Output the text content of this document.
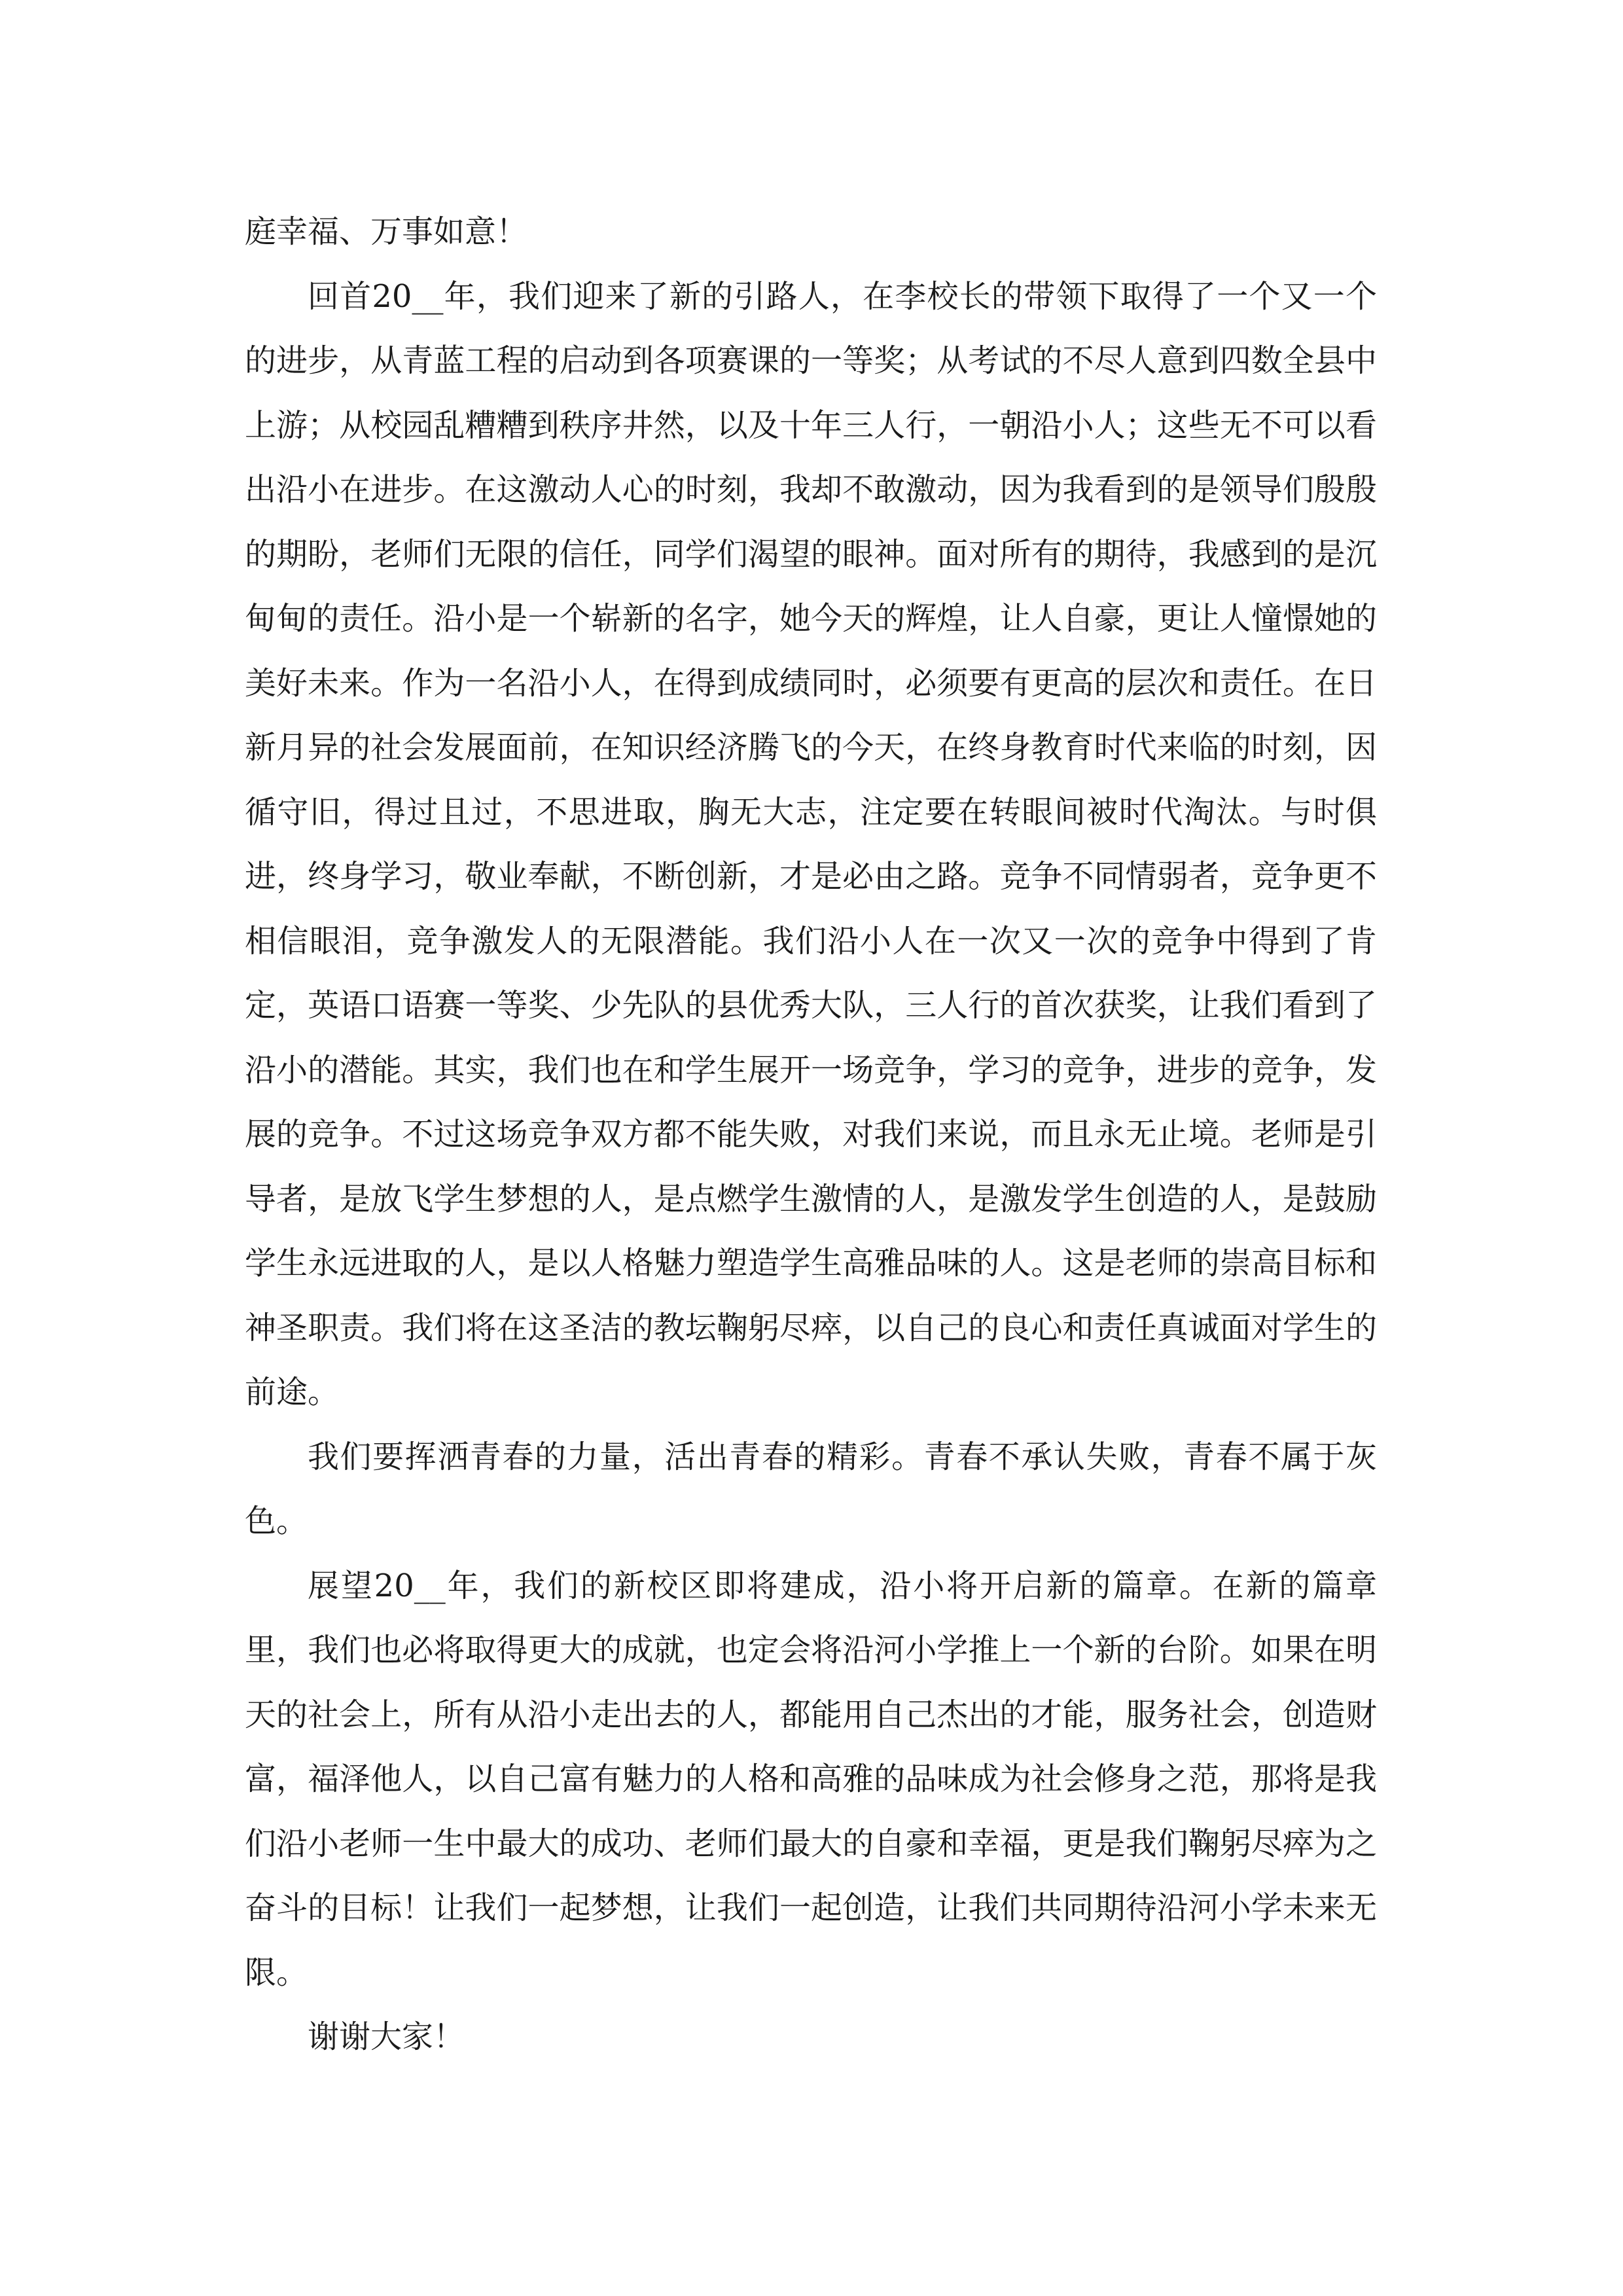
庭幸福、万事如意！

回首20__年，我们迎来了新的引路人，在李校长的带领下取得了一个又一个的进步，从青蓝工程的启动到各项赛课的一等奖；从考试的不尽人意到四数全县中上游；从校园乱糟糟到秩序井然，以及十年三人行，一朝沿小人；这些无不可以看出沿小在进步。在这激动人心的时刻，我却不敢激动，因为我看到的是领导们殷殷的期盼，老师们无限的信任，同学们渴望的眼神。面对所有的期待，我感到的是沉甸甸的责任。沿小是一个崭新的名字，她今天的辉煌，让人自豪，更让人憧憬她的美好未来。作为一名沿小人，在得到成绩同时，必须要有更高的层次和责任。在日新月异的社会发展面前，在知识经济腾飞的今天，在终身教育时代来临的时刻，因循守旧，得过且过，不思进取，胸无大志，注定要在转眼间被时代淘汰。与时俱进，终身学习，敬业奉献，不断创新，才是必由之路。竞争不同情弱者，竞争更不相信眼泪，竞争激发人的无限潜能。我们沿小人在一次又一次的竞争中得到了肯定，英语口语赛一等奖、少先队的县优秀大队，三人行的首次获奖，让我们看到了沿小的潜能。其实，我们也在和学生展开一场竞争，学习的竞争，进步的竞争，发展的竞争。不过这场竞争双方都不能失败，对我们来说，而且永无止境。老师是引导者，是放飞学生梦想的人，是点燃学生激情的人，是激发学生创造的人，是鼓励学生永远进取的人，是以人格魅力塑造学生高雅品味的人。这是老师的崇高目标和神圣职责。我们将在这圣洁的教坛鞠躬尽瘁，以自己的良心和责任真诚面对学生的前途。

我们要挥洒青春的力量，活出青春的精彩。青春不承认失败，青春不属于灰色。

展望20__年，我们的新校区即将建成，沿小将开启新的篇章。在新的篇章里，我们也必将取得更大的成就，也定会将沿河小学推上一个新的台阶。如果在明天的社会上，所有从沿小走出去的人，都能用自己杰出的才能，服务社会，创造财富，福泽他人，以自己富有魅力的人格和高雅的品味成为社会修身之范，那将是我们沿小老师一生中最大的成功、老师们最大的自豪和幸福，更是我们鞠躬尽瘁为之奋斗的目标！让我们一起梦想，让我们一起创造，让我们共同期待沿河小学未来无限。

谢谢大家！
